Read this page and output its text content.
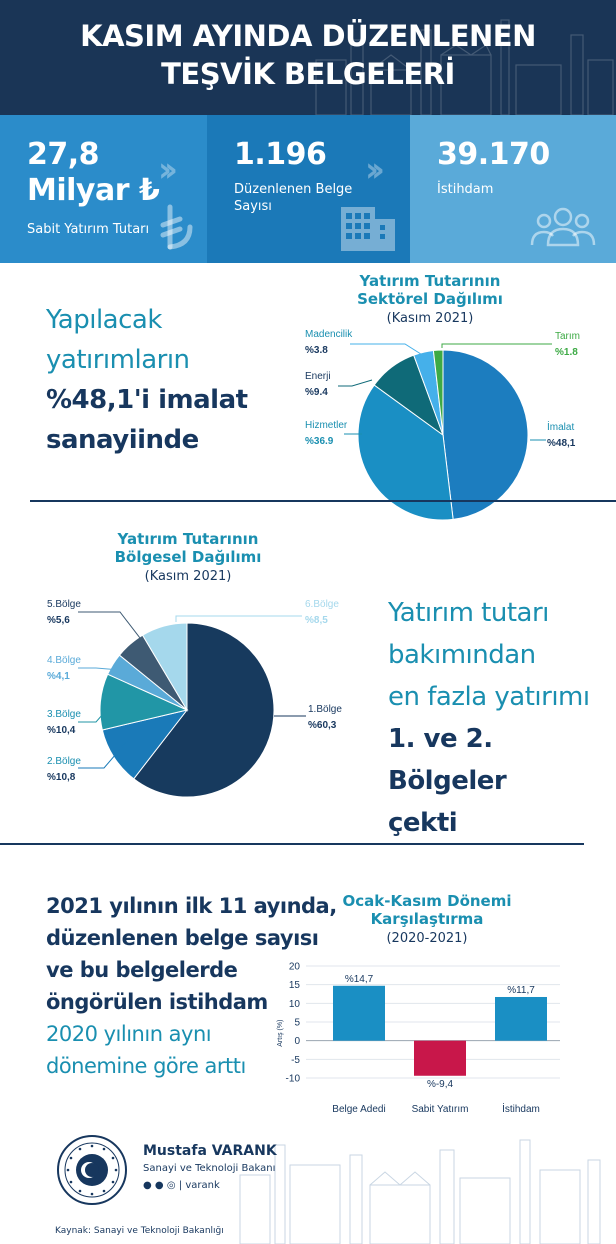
KASIM AYINDA DÜZENLENEN
TEŞVİK BELGELERİ
27,8
Milyar ₺
Sabit Yatırım Tutarı
›› 1.196
Düzenlenen Belge
Sayısı
›› 39.170
İstihdam
Yapılacak
yatırımların
%48,1'i imalat
sanayiinde
Yatırım Tutarının Sektörel Dağılımı
(Kasım 2021)
İmalat
%48,1
Hizmetler
%36.9
Enerji
%9.4
Madencilik
%3.8
Tarım
%1.8
Yatırım Tutarının Bölgesel Dağılımı
(Kasım 2021)
Yatırım tutarı
bakımından
en fazla yatırımı
1. ve 2. Bölgeler
çekti
2021 yılının ilk 11 ayında,
düzenlenen belge sayısı
ve bu belgelerde
öngörülen istihdam
2020 yılının aynı
dönemine göre arttı
Ocak-Kasım Dönemi Karşılaştırma
(2020-2021)
Mustafa VARANK
Sanayi ve Teknoloji Bakanı
● ● ◎ | varank
Kaynak: Sanayi ve Teknoloji Bakanlığı
20
15
10
5
0
-5
-10
Artış (%)
%14,7
Belge Adedi
%-9,4
Sabit Yatırım
%11,7
İstihdam
1.Bölge
%60,3
2.Bölge
%10,8
3.Bölge
%10,4
4.Bölge
%4,1
5.Bölge
%5,6
6.Bölge
%8,5
